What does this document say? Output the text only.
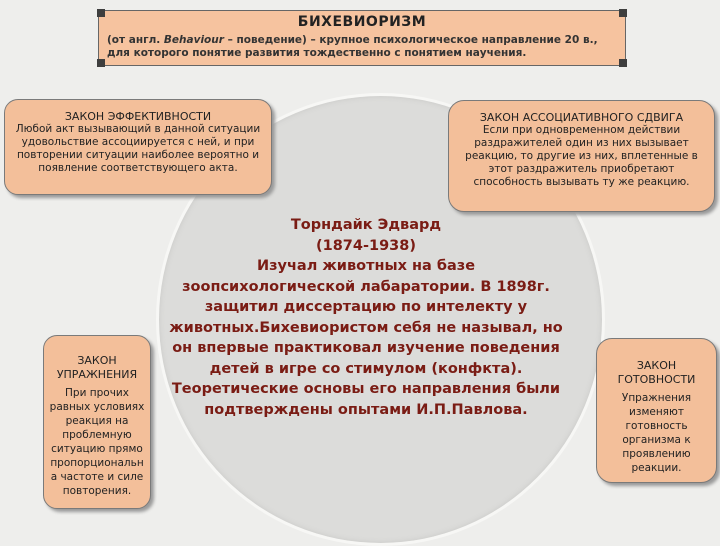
БИХЕВИОРИЗМ
(от англ. Behaviour – поведение) – крупное психологическое направление 20 в., для которого понятие развития тождественно с понятием научения.
ЗАКОН ЭФФЕКТИВНОСТИ
Любой акт вызывающий в данной ситуации удовольствие ассоциируется с ней, и при повторении ситуации наиболее вероятно и появление соответствующего акта.
ЗАКОН АССОЦИАТИВНОГО СДВИГА
Если при одновременном действии раздражителей один из них вызывает реакцию, то другие из них, вплетенные в этот раздражитель приобретают способность вызывать ту же реакцию.
ЗАКОН УПРАЖНЕНИЯ
При прочих равных условиях реакция на проблемную ситуацию прямо пропорциональн а частоте и силе повторения.
ЗАКОН ГОТОВНОСТИ
Упражнения изменяют готовность организма к проявлению реакции.
Торндайк Эдвард
(1874-1938)
Изучал животных на базе зоопсихологической лабаратории. В 1898г. защитил диссертацию по интелекту у животных.Бихевиористом себя не называл, но он впервые практиковал изучение поведения детей в игре со стимулом (конфкта). Теоретические основы его направления были подтверждены опытами И.П.Павлова.
